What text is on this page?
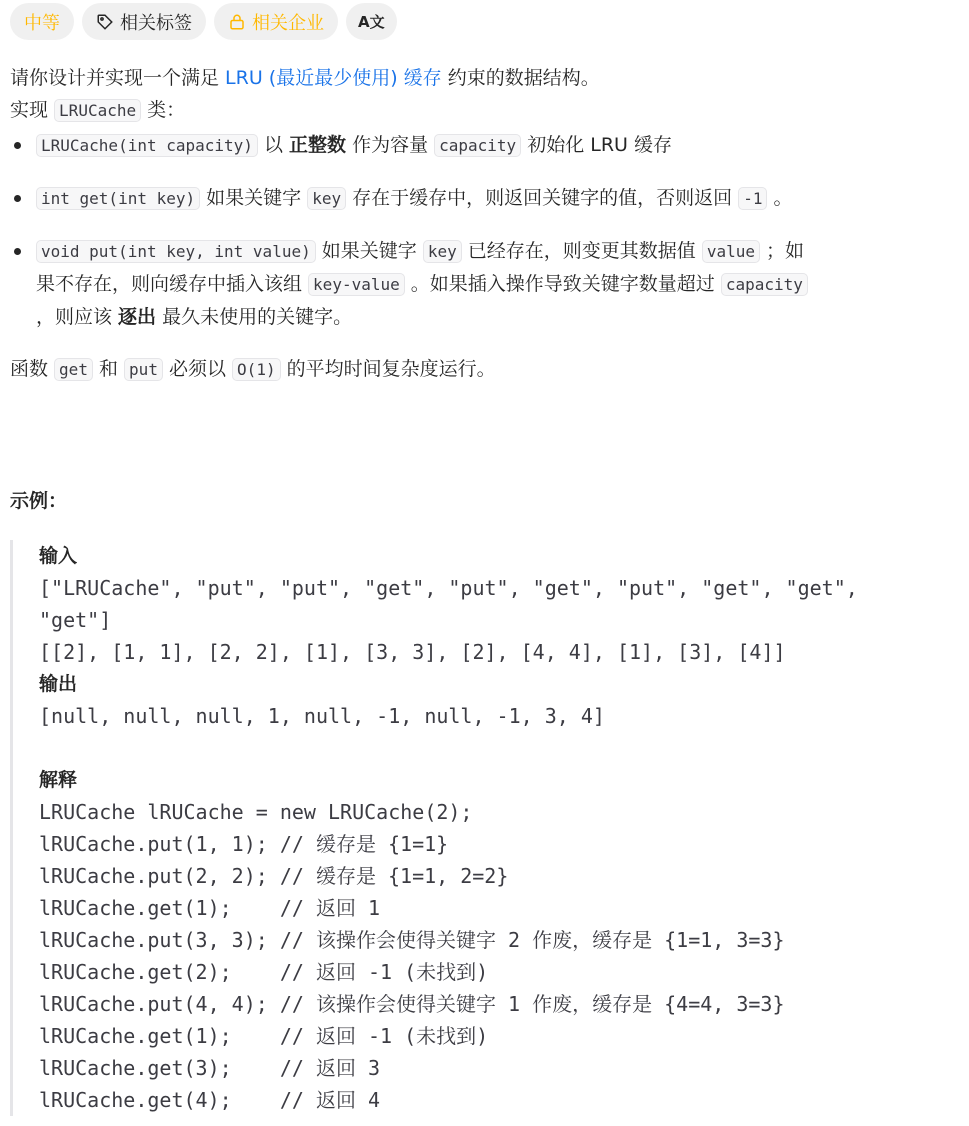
中等	相关标签	相关企业 A文
请你设计并实现一个满足 LRU (最近最少使用) 缓存 约束的数据结构。
实现 LRUCache 类：
LRUCache(int capacity) 以 正整数 作为容量 capacity 初始化 LRU 缓存
int get(int key) 如果关键字 key 存在于缓存中，则返回关键字的值，否则返回 -1 。
void put(int key, int value) 如果关键字 key 已经存在，则变更其数据值 value ；如
果不存在，则向缓存中插入该组 key-value 。如果插入操作导致关键字数量超过 capacity
，则应该 逐出 最久未使用的关键字。
函数 get 和 put 必须以 O(1) 的平均时间复杂度运行。
示例：
输入
["LRUCache", "put", "put", "get", "put", "get", "put", "get", "get",
"get"]
[[2], [1, 1], [2, 2], [1], [3, 3], [2], [4, 4], [1], [3], [4]]
输出
[null, null, null, 1, null, -1, null, -1, 3, 4]
解释
LRUCache lRUCache = new LRUCache(2);
lRUCache.put(1, 1); // 缓存是 {1=1}
lRUCache.put(2, 2); // 缓存是 {1=1, 2=2}
lRUCache.get(1);    // 返回 1
lRUCache.put(3, 3); // 该操作会使得关键字 2 作废，缓存是 {1=1, 3=3}
lRUCache.get(2);    // 返回 -1 (未找到)
lRUCache.put(4, 4); // 该操作会使得关键字 1 作废，缓存是 {4=4, 3=3}
lRUCache.get(1);    // 返回 -1 (未找到)
lRUCache.get(3);    // 返回 3
lRUCache.get(4);    // 返回 4
